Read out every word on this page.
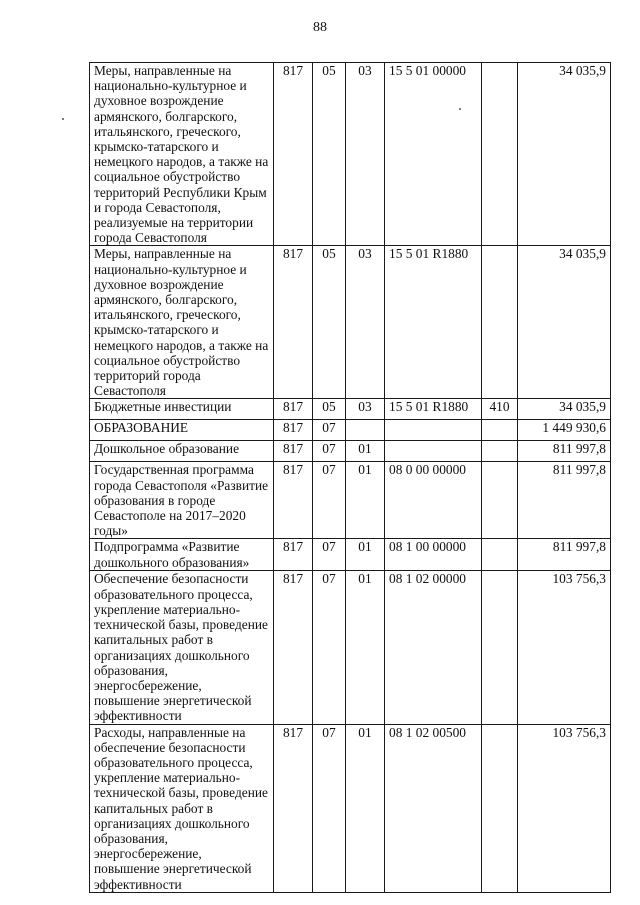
88
Меры, направленные на национально-культурное и духовное возрождение армянского, болгарского, итальянского, греческого, крымско-татарского и немецкого народов, а также на социальное обустройство территорий Республики Крым и города Севастополя, реализуемые на территории города Севастополя	817	05	03	15 5 01 00000		34 035,9
Меры, направленные на национально-культурное и духовное возрождение армянского, болгарского, итальянского, греческого, крымско-татарского и немецкого народов, а также на социальное обустройство территорий города Севастополя	817	05	03	15 5 01 R1880		34 035,9
Бюджетные инвестиции	817	05	03	15 5 01 R1880	410	34 035,9
ОБРАЗОВАНИЕ	817	07				1 449 930,6
Дошкольное образование	817	07	01			811 997,8
Государственная программа города Севастополя «Развитие образования в городе Севастополе на 2017–2020 годы»	817	07	01	08 0 00 00000		811 997,8
Подпрограмма «Развитие дошкольного образования»	817	07	01	08 1 00 00000		811 997,8
Обеспечение безопасности образовательного процесса, укрепление материально-технической базы, проведение капитальных работ в организациях дошкольного образования, энергосбережение, повышение энергетической эффективности	817	07	01	08 1 02 00000		103 756,3
Расходы, направленные на обеспечение безопасности образовательного процесса, укрепление материально-технической базы, проведение капитальных работ в организациях дошкольного образования, энергосбережение, повышение энергетической эффективности	817	07	01	08 1 02 00500		103 756,3
